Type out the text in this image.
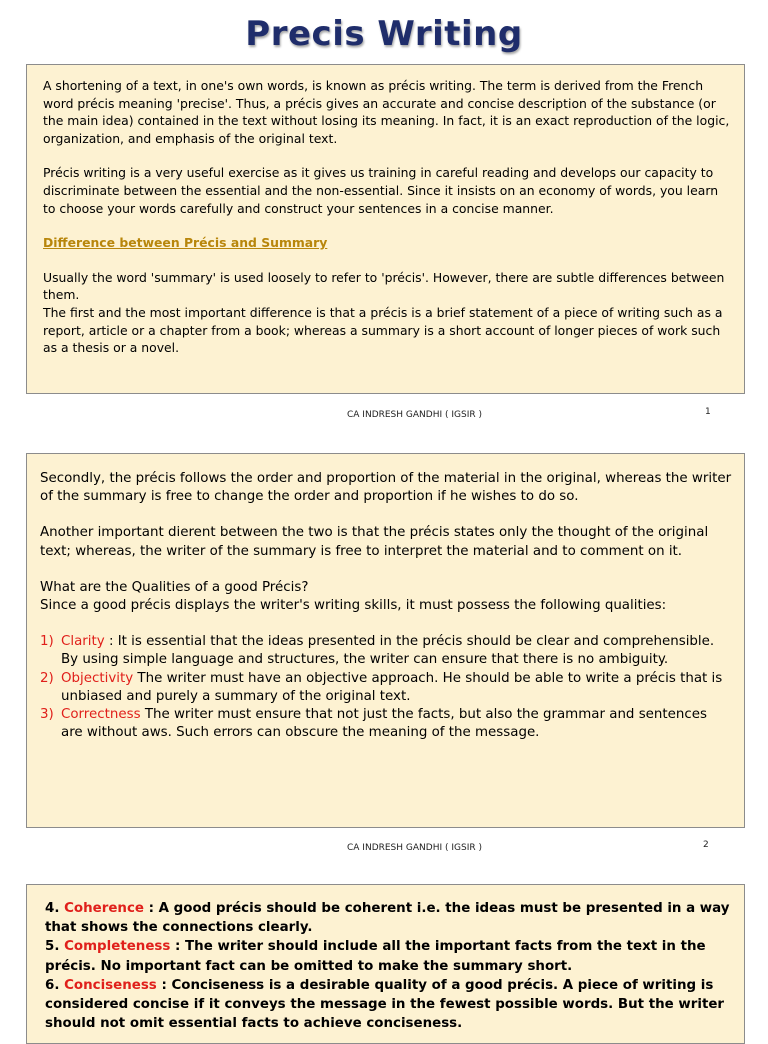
Precis Writing

A shortening of a text, in one's own words, is known as précis writing. The term is derived from the French word précis meaning 'precise'. Thus, a précis gives an accurate and concise description of the substance (or the main idea) contained in the text without losing its meaning. In fact, it is an exact reproduction of the logic, organization, and emphasis of the original text.

Précis writing is a very useful exercise as it gives us training in careful reading and develops our capacity to discriminate between the essential and the non-essential. Since it insists on an economy of words, you learn to choose your words carefully and construct your sentences in a concise manner.

Difference between Précis and Summary

Usually the word 'summary' is used loosely to refer to 'précis'. However, there are subtle differences between them.

The first and the most important difference is that a précis is a brief statement of a piece of writing such as a report, article or a chapter from a book; whereas a summary is a short account of longer pieces of work such as a thesis or a novel.

CA INDRESH GANDHI ( IGSIR )	1

Secondly, the précis follows the order and proportion of the material in the original, whereas the writer of the summary is free to change the order and proportion if he wishes to do so.

Another important dierent between the two is that the précis states only the thought of the original text; whereas, the writer of the summary is free to interpret the material and to comment on it.

What are the Qualities of a good Précis?

Since a good précis displays the writer's writing skills, it must possess the following qualities:

1) Clarity : It is essential that the ideas presented in the précis should be clear and comprehensible. By using simple language and structures, the writer can ensure that there is no ambiguity.
2) Objectivity The writer must have an objective approach. He should be able to write a précis that is unbiased and purely a summary of the original text.
3) Correctness The writer must ensure that not just the facts, but also the grammar and sentences are without aws. Such errors can obscure the meaning of the message.
CA INDRESH GANDHI ( IGSIR )	2

4. Coherence : A good précis should be coherent i.e. the ideas must be presented in a way that shows the connections clearly.

5. Completeness : The writer should include all the important facts from the text in the précis. No important fact can be omitted to make the summary short.

6. Conciseness : Conciseness is a desirable quality of a good précis. A piece of writing is considered concise if it conveys the message in the fewest possible words. But the writer should not omit essential facts to achieve conciseness.
